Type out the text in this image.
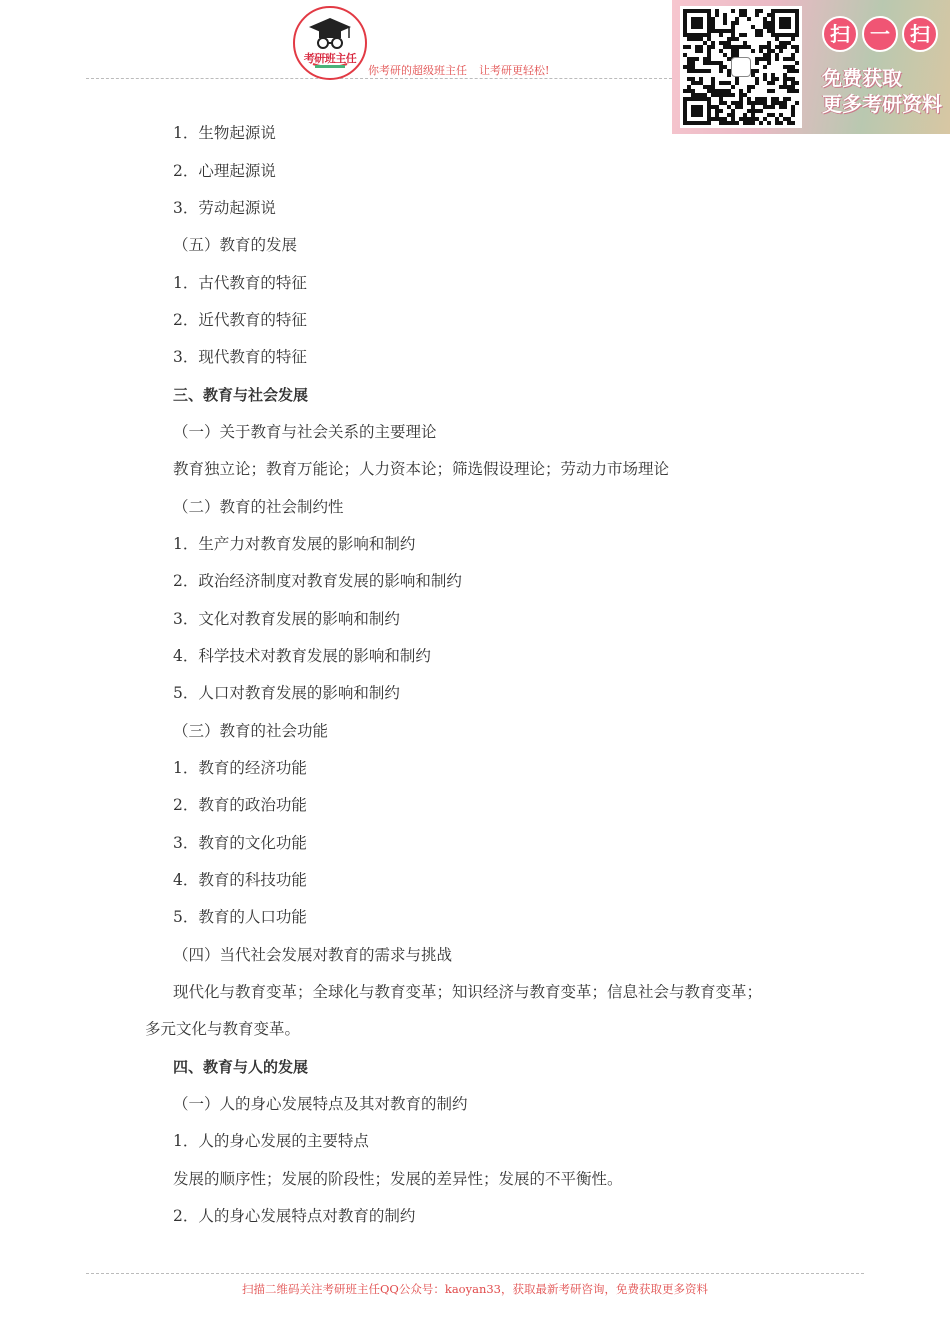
考研班主任
你考研的超级班主任 让考研更轻松!
扫	一	扫
免费获取
更多考研资料
1．生物起源说
2．心理起源说
3．劳动起源说
（五）教育的发展
1．古代教育的特征
2．近代教育的特征
3．现代教育的特征
三、教育与社会发展
（一）关于教育与社会关系的主要理论
教育独立论；教育万能论；人力资本论；筛选假设理论；劳动力市场理论
（二）教育的社会制约性
1．生产力对教育发展的影响和制约
2．政治经济制度对教育发展的影响和制约
3．文化对教育发展的影响和制约
4．科学技术对教育发展的影响和制约
5．人口对教育发展的影响和制约
（三）教育的社会功能
1．教育的经济功能
2．教育的政治功能
3．教育的文化功能
4．教育的科技功能
5．教育的人口功能
（四）当代社会发展对教育的需求与挑战
现代化与教育变革；全球化与教育变革；知识经济与教育变革；信息社会与教育变革；
多元文化与教育变革。
四、教育与人的发展
（一）人的身心发展特点及其对教育的制约
1．人的身心发展的主要特点
发展的顺序性；发展的阶段性；发展的差异性；发展的不平衡性。
2．人的身心发展特点对教育的制约
扫描二维码关注考研班主任QQ公众号：kaoyan33，获取最新考研咨询，免费获取更多资料
